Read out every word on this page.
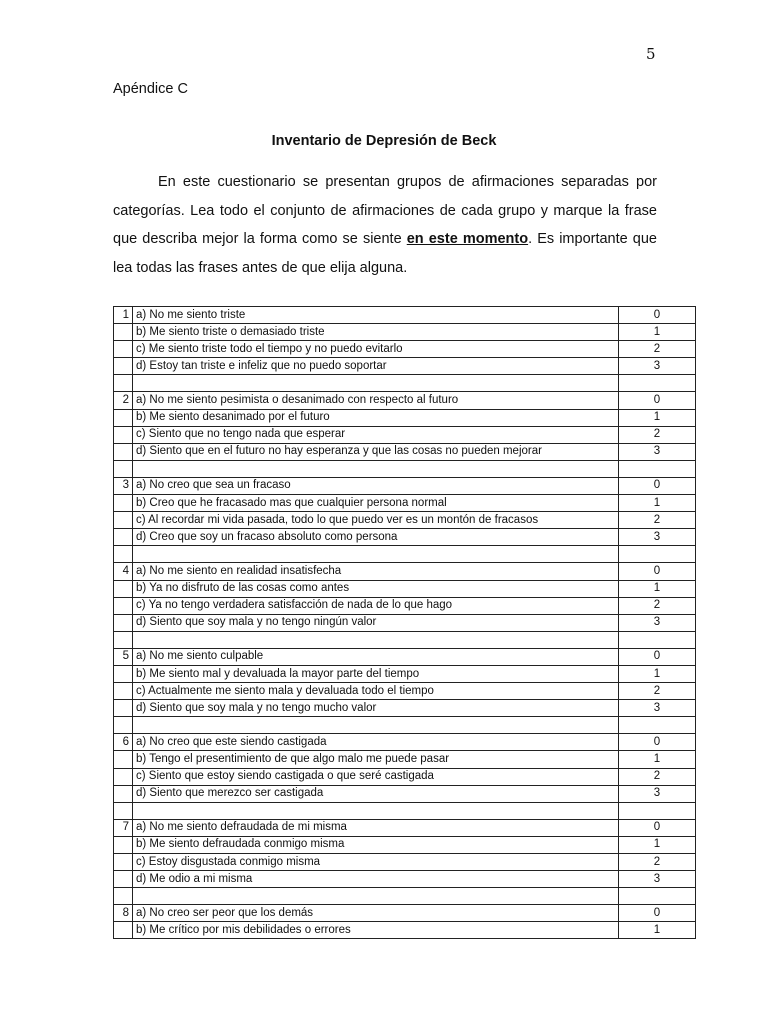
5
Apéndice C
Inventario de Depresión de Beck

En este cuestionario se presentan grupos de afirmaciones separadas por categorías. Lea todo el conjunto de afirmaciones de cada grupo y marque la frase que describa mejor la forma como se siente en este momento. Es importante que lea todas las frases antes de que elija alguna.

1	a) No me siento triste	0
	b) Me siento triste o demasiado triste	1
	c) Me siento triste todo el tiempo y no puedo evitarlo	2
	d) Estoy tan triste e infeliz que no puedo soportar	3

2	a) No me siento pesimista o desanimado con respecto al futuro	0
	b) Me siento desanimado por el futuro	1
	c) Siento que no tengo nada que esperar	2
	d) Siento que en el futuro no hay esperanza y que las cosas no pueden mejorar	3

3	a) No creo que sea un fracaso	0
	b) Creo que he fracasado mas que cualquier persona normal	1
	c) Al recordar mi vida pasada, todo lo que puedo ver es un montón de fracasos	2
	d) Creo que soy un fracaso absoluto como persona	3

4	a) No me siento en realidad insatisfecha	0
	b) Ya no disfruto de las cosas como antes	1
	c) Ya no tengo verdadera satisfacción de nada de lo que hago	2
	d) Siento que soy mala y no tengo ningún valor	3

5	a) No me siento culpable	0
	b) Me siento mal y devaluada la mayor parte del tiempo	1
	c) Actualmente me siento mala y devaluada todo el tiempo	2
	d) Siento que soy mala y no tengo mucho valor	3

6	a) No creo que este siendo castigada	0
	b) Tengo el presentimiento de que algo malo me puede pasar	1
	c) Siento que estoy siendo castigada o que seré castigada	2
	d) Siento que merezco ser castigada	3

7	a) No me siento defraudada de mi misma	0
	b) Me siento defraudada conmigo misma	1
	c) Estoy disgustada conmigo misma	2
	d) Me odio a mi misma	3

8	a) No creo ser peor que los demás	0
	b) Me crítico por mis debilidades o errores	1
